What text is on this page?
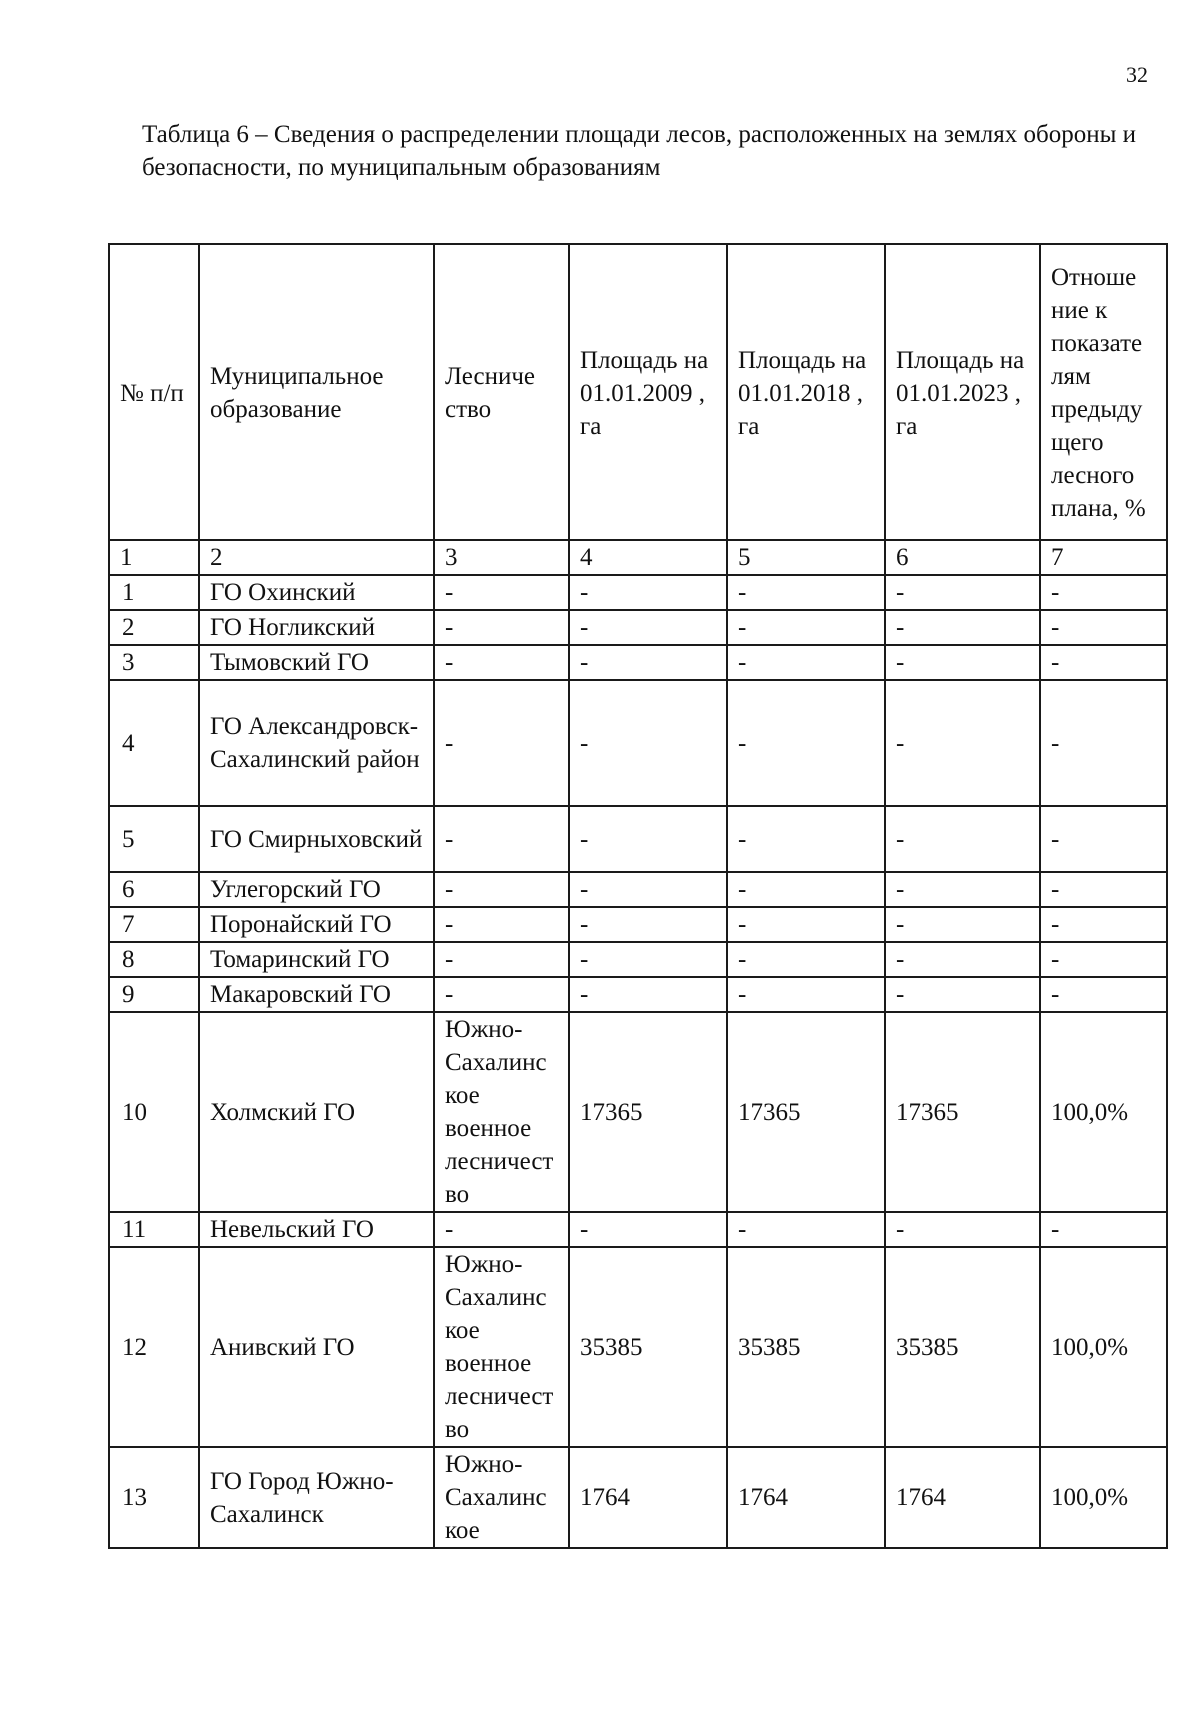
32
Таблица 6 – Сведения о распределении площади лесов, расположенных на землях обороны и безопасности, по муниципальным образованиям
№ п/п	Муниципальное образование	Лесниче ство	Площадь на 01.01.2009 , га	Площадь на 01.01.2018 , га	Площадь на 01.01.2023 , га	Отноше ние к показате лям предыду щего лесного плана, %
1	2	3	4	5	6	7
1	ГО Охинский	-	-	-	-	-
2	ГО Ногликский	-	-	-	-	-
3	Тымовский ГО	-	-	-	-	-
4	ГО Александровск-Сахалинский район	-	-	-	-	-
5	ГО Смирныховский	-	-	-	-	-
6	Углегорский ГО	-	-	-	-	-
7	Поронайский ГО	-	-	-	-	-
8	Томаринский ГО	-	-	-	-	-
9	Макаровский ГО	-	-	-	-	-
10	Холмский ГО	Южно-Сахалинское военное лесничество	17365	17365	17365	100,0%
11	Невельский ГО	-	-	-	-	-
12	Анивский ГО	Южно-Сахалинское военное лесничество	35385	35385	35385	100,0%
13	ГО Город Южно-Сахалинск	Южно-Сахалинское	1764	1764	1764	100,0%
